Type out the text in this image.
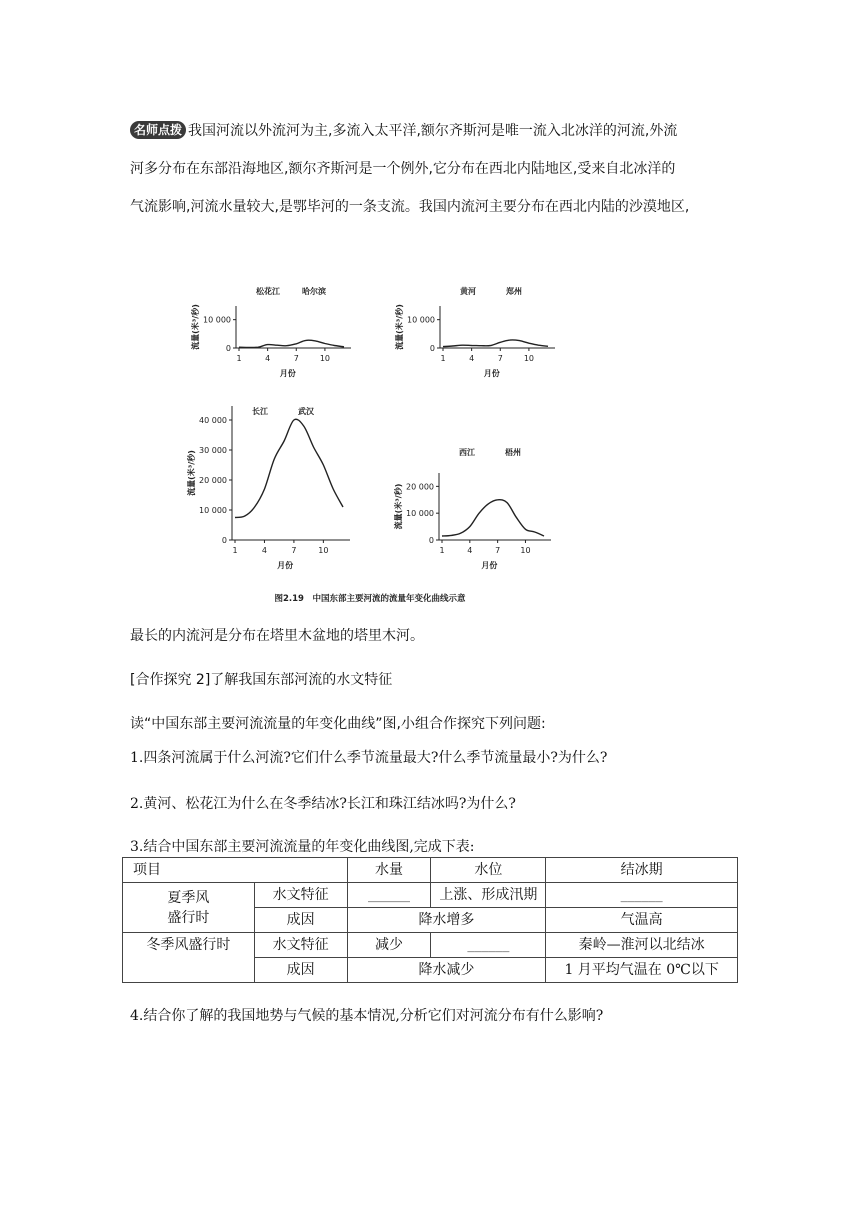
名师点拨 我国河流以外流河为主,多流入太平洋,额尔齐斯河是唯一流入北冰洋的河流,外流
河多分布在东部沿海地区,额尔齐斯河是一个例外,它分布在西北内陆地区,受来自北冰洋的
气流影响,河流水量较大,是鄂毕河的一条支流。我国内流河主要分布在西北内陆的沙漠地区,
0
10 000
1	4	7	10
月份
流量(米³/秒)
松花江	哈尔滨
0
10 000
1	4	7	10
月份
流量(米³/秒)
黄河	郑州
0
10 000
20 000
30 000
40 000
1	4	7	10
月份
流量(米³/秒)
长江	武汉
0
10 000
20 000
1	4	7	10
月份
流量(米³/秒)
西江	梧州
图2.19　中国东部主要河流的流量年变化曲线示意
最长的内流河是分布在塔里木盆地的塔里木河。
[合作探究 2]了解我国东部河流的水文特征
读“中国东部主要河流流量的年变化曲线”图,小组合作探究下列问题:
1.四条河流属于什么河流?它们什么季节流量最大?什么季节流量最小?为什么?
2.黄河、松花江为什么在冬季结冰?长江和珠江结冰吗?为什么?
3.结合中国东部主要河流流量的年变化曲线图,完成下表:
项目		水量	水位	结冰期
夏季风
盛行时	水文特征	______	上涨、形成汛期	______
	成因	降水增多		气温高
冬季风盛行时	水文特征	减少	______	秦岭—淮河以北结冰
	成因	降水减少		1 月平均气温在 0℃以下
4.结合你了解的我国地势与气候的基本情况,分析它们对河流分布有什么影响?
